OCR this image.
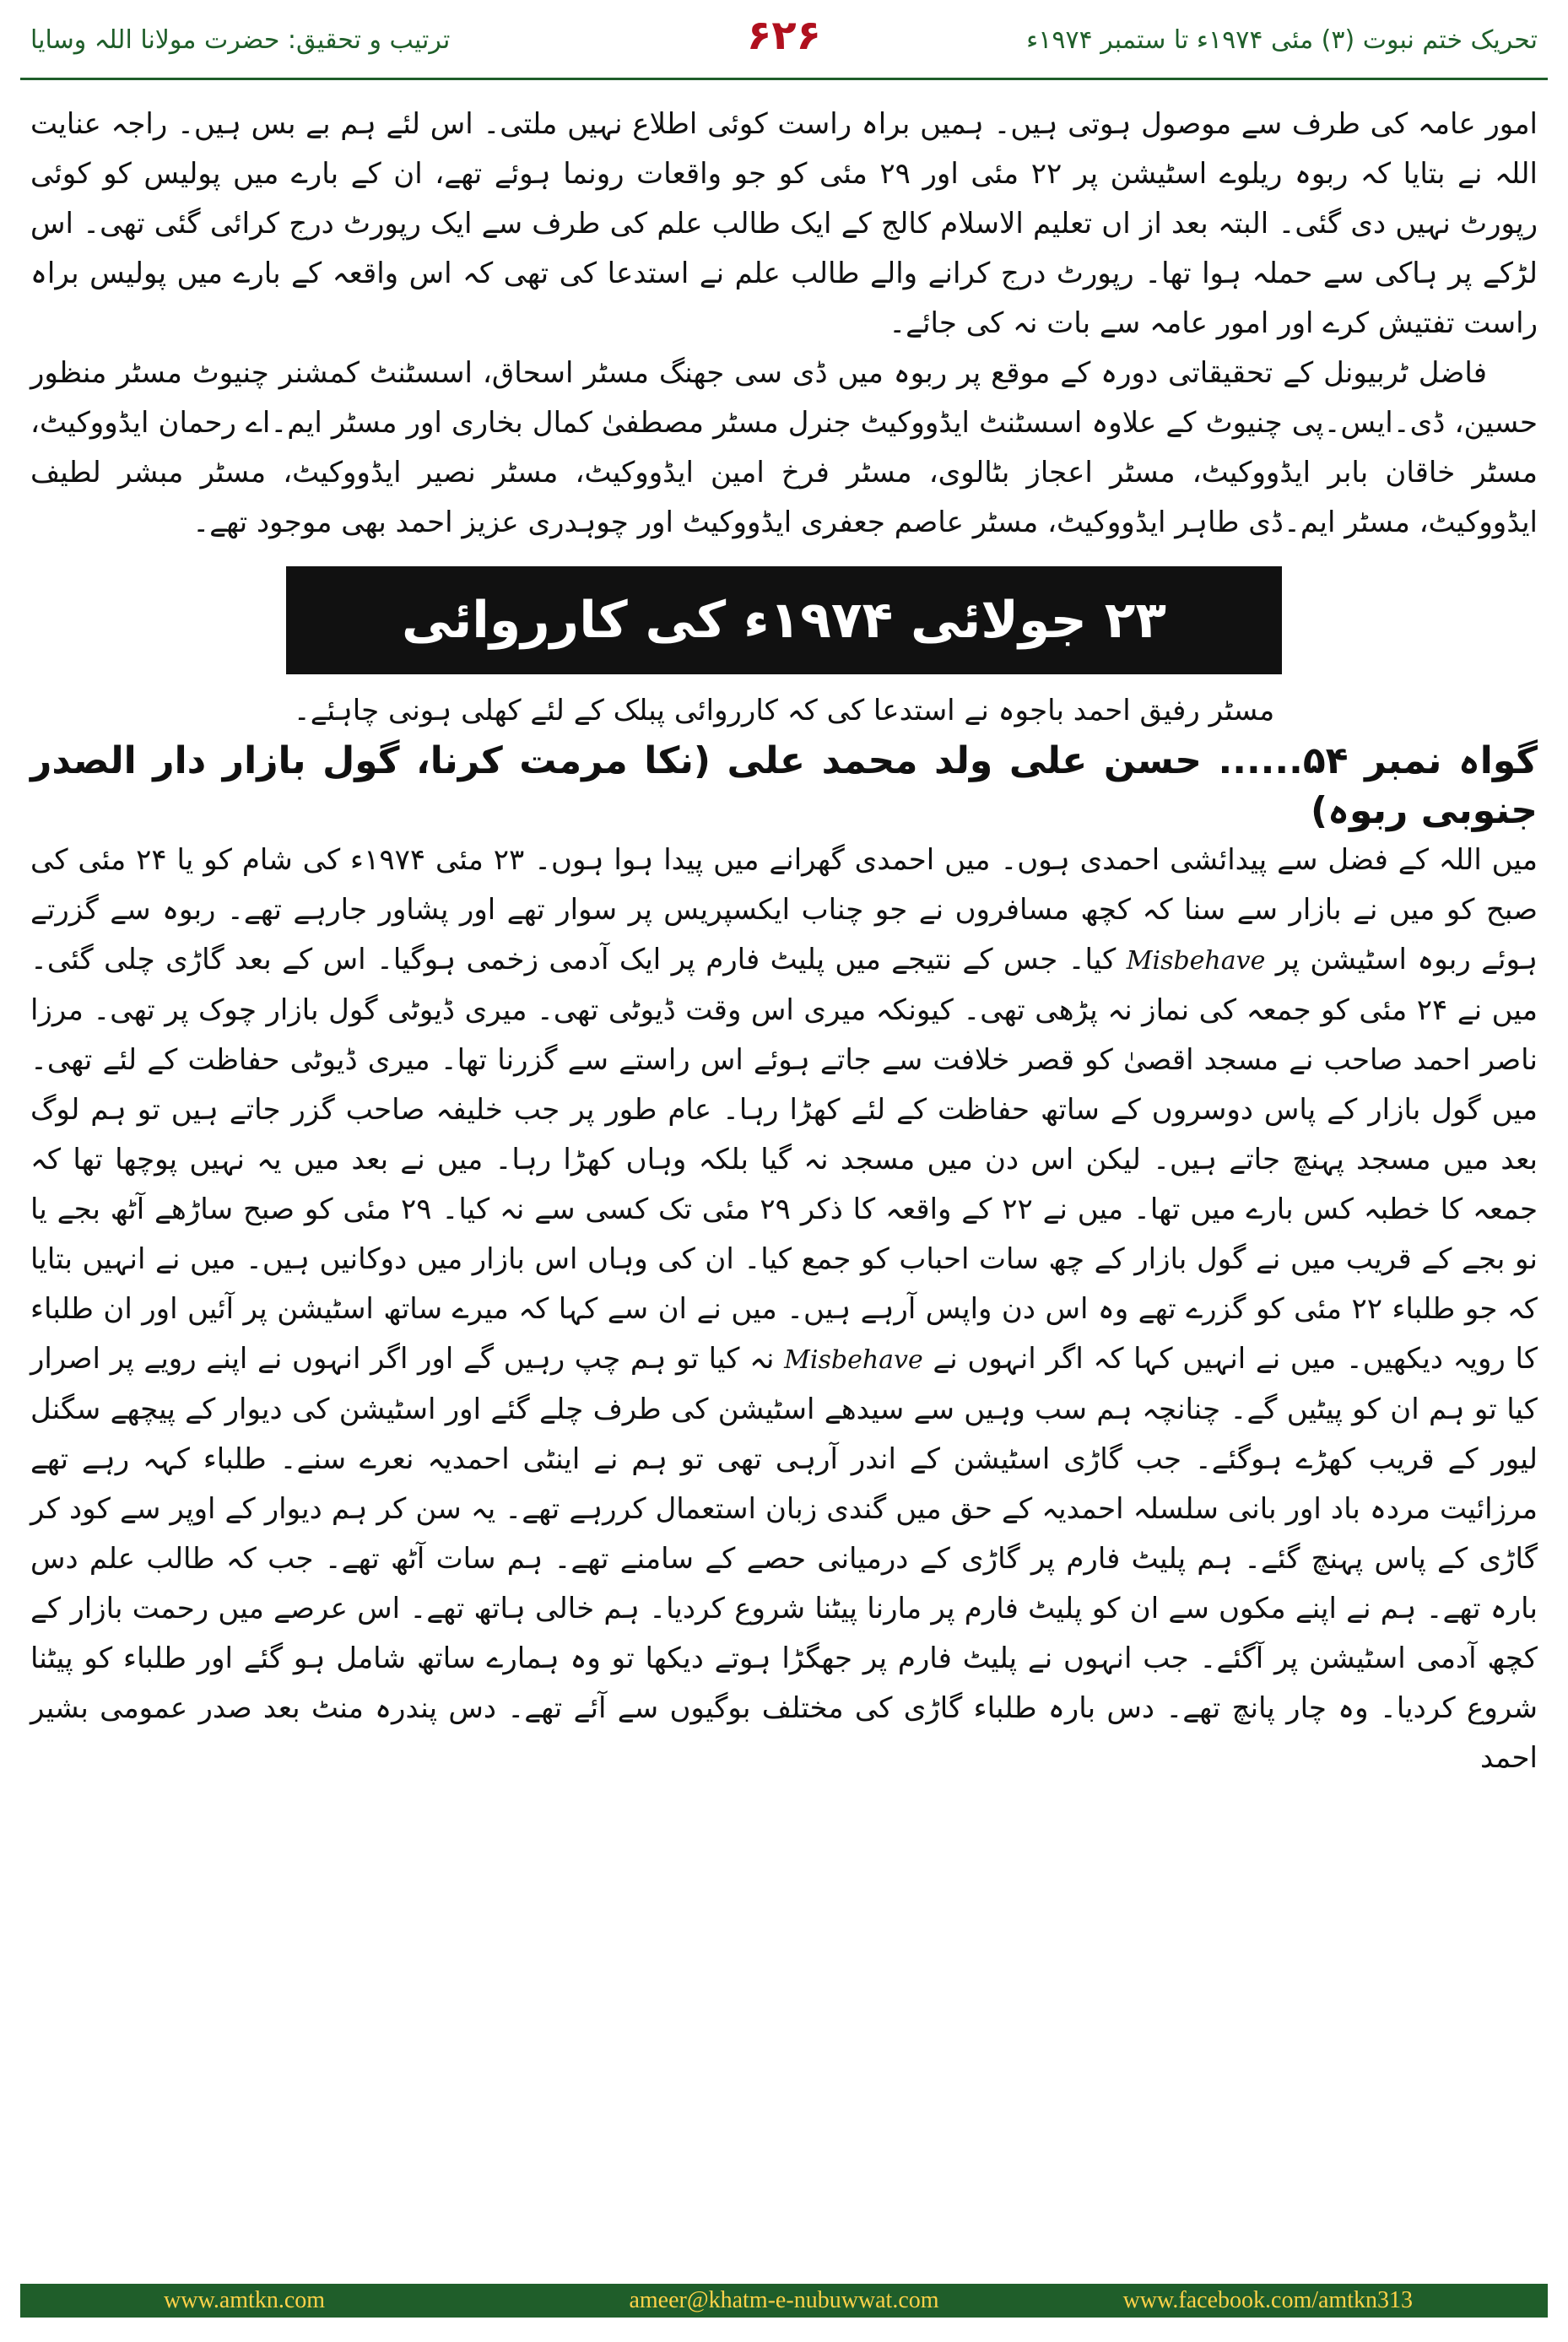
تحریک ختم نبوت (۳) مئی ۱۹۷۴ء تا ستمبر ۱۹۷۴ء
۶۲۶
ترتیب و تحقیق: حضرت مولانا اللہ وسایا

امور عامہ کی طرف سے موصول ہوتی ہیں۔ ہمیں براہ راست کوئی اطلاع نہیں ملتی۔ اس لئے ہم بے بس ہیں۔ راجہ عنایت اللہ نے بتایا کہ ربوہ ریلوے اسٹیشن پر ۲۲ مئی اور ۲۹ مئی کو جو واقعات رونما ہوئے تھے، ان کے بارے میں پولیس کو کوئی رپورٹ نہیں دی گئی۔ البتہ بعد از اں تعلیم الاسلام کالج کے ایک طالب علم کی طرف سے ایک رپورٹ درج کرائی گئی تھی۔ اس لڑکے پر ہاکی سے حملہ ہوا تھا۔ رپورٹ درج کرانے والے طالب علم نے استدعا کی تھی کہ اس واقعہ کے بارے میں پولیس براہ راست تفتیش کرے اور امور عامہ سے بات نہ کی جائے۔

فاضل ٹربیونل کے تحقیقاتی دورہ کے موقع پر ربوہ میں ڈی سی جھنگ مسٹر اسحاق، اسسٹنٹ کمشنر چنیوٹ مسٹر منظور حسین، ڈی۔ایس۔پی چنیوٹ کے علاوہ اسسٹنٹ ایڈووکیٹ جنرل مسٹر مصطفیٰ کمال بخاری اور مسٹر ایم۔اے رحمان ایڈووکیٹ، مسٹر خاقان بابر ایڈووکیٹ، مسٹر اعجاز بٹالوی، مسٹر فرخ امین ایڈووکیٹ، مسٹر نصیر ایڈووکیٹ، مسٹر مبشر لطیف ایڈووکیٹ، مسٹر ایم۔ڈی طاہر ایڈووکیٹ، مسٹر عاصم جعفری ایڈووکیٹ اور چوہدری عزیز احمد بھی موجود تھے۔

۲۳ جولائی ۱۹۷۴ء کی کارروائی

مسٹر رفیق احمد باجوہ نے استدعا کی کہ کارروائی پبلک کے لئے کھلی ہونی چاہئے۔

گواہ نمبر ۵۴...... حسن علی ولد محمد علی (نکا مرمت کرنا، گول بازار دار الصدر جنوبی ربوہ)

میں اللہ کے فضل سے پیدائشی احمدی ہوں۔ میں احمدی گھرانے میں پیدا ہوا ہوں۔ ۲۳ مئی ۱۹۷۴ء کی شام کو یا ۲۴ مئی کی صبح کو میں نے بازار سے سنا کہ کچھ مسافروں نے جو چناب ایکسپریس پر سوار تھے اور پشاور جارہے تھے۔ ربوہ سے گزرتے ہوئے ربوہ اسٹیشن پر Misbehave کیا۔ جس کے نتیجے میں پلیٹ فارم پر ایک آدمی زخمی ہوگیا۔ اس کے بعد گاڑی چلی گئی۔ میں نے ۲۴ مئی کو جمعہ کی نماز نہ پڑھی تھی۔ کیونکہ میری اس وقت ڈیوٹی تھی۔ میری ڈیوٹی گول بازار چوک پر تھی۔ مرزا ناصر احمد صاحب نے مسجد اقصیٰ کو قصر خلافت سے جاتے ہوئے اس راستے سے گزرنا تھا۔ میری ڈیوٹی حفاظت کے لئے تھی۔ میں گول بازار کے پاس دوسروں کے ساتھ حفاظت کے لئے کھڑا رہا۔ عام طور پر جب خلیفہ صاحب گزر جاتے ہیں تو ہم لوگ بعد میں مسجد پہنچ جاتے ہیں۔ لیکن اس دن میں مسجد نہ گیا بلکہ وہاں کھڑا رہا۔ میں نے بعد میں یہ نہیں پوچھا تھا کہ جمعہ کا خطبہ کس بارے میں تھا۔ میں نے ۲۲ کے واقعہ کا ذکر ۲۹ مئی تک کسی سے نہ کیا۔ ۲۹ مئی کو صبح ساڑھے آٹھ بجے یا نو بجے کے قریب میں نے گول بازار کے چھ سات احباب کو جمع کیا۔ ان کی وہاں اس بازار میں دوکانیں ہیں۔ میں نے انہیں بتایا کہ جو طلباء ۲۲ مئی کو گزرے تھے وہ اس دن واپس آرہے ہیں۔ میں نے ان سے کہا کہ میرے ساتھ اسٹیشن پر آئیں اور ان طلباء کا رویہ دیکھیں۔ میں نے انہیں کہا کہ اگر انہوں نے Misbehave نہ کیا تو ہم چپ رہیں گے اور اگر انہوں نے اپنے رویے پر اصرار کیا تو ہم ان کو پیٹیں گے۔ چنانچہ ہم سب وہیں سے سیدھے اسٹیشن کی طرف چلے گئے اور اسٹیشن کی دیوار کے پیچھے سگنل لیور کے قریب کھڑے ہوگئے۔ جب گاڑی اسٹیشن کے اندر آرہی تھی تو ہم نے اینٹی احمدیہ نعرے سنے۔ طلباء کہہ رہے تھے مرزائیت مردہ باد اور بانی سلسلہ احمدیہ کے حق میں گندی زبان استعمال کررہے تھے۔ یہ سن کر ہم دیوار کے اوپر سے کود کر گاڑی کے پاس پہنچ گئے۔ ہم پلیٹ فارم پر گاڑی کے درمیانی حصے کے سامنے تھے۔ ہم سات آٹھ تھے۔ جب کہ طالب علم دس بارہ تھے۔ ہم نے اپنے مکوں سے ان کو پلیٹ فارم پر مارنا پیٹنا شروع کردیا۔ ہم خالی ہاتھ تھے۔ اس عرصے میں رحمت بازار کے کچھ آدمی اسٹیشن پر آگئے۔ جب انہوں نے پلیٹ فارم پر جھگڑا ہوتے دیکھا تو وہ ہمارے ساتھ شامل ہو گئے اور طلباء کو پیٹنا شروع کردیا۔ وہ چار پانچ تھے۔ دس بارہ طلباء گاڑی کی مختلف بوگیوں سے آئے تھے۔ دس پندرہ منٹ بعد صدر عمومی بشیر احمد

www.amtkn.com	ameer@khatm-e-nubuwwat.com	www.facebook.com/amtkn313
